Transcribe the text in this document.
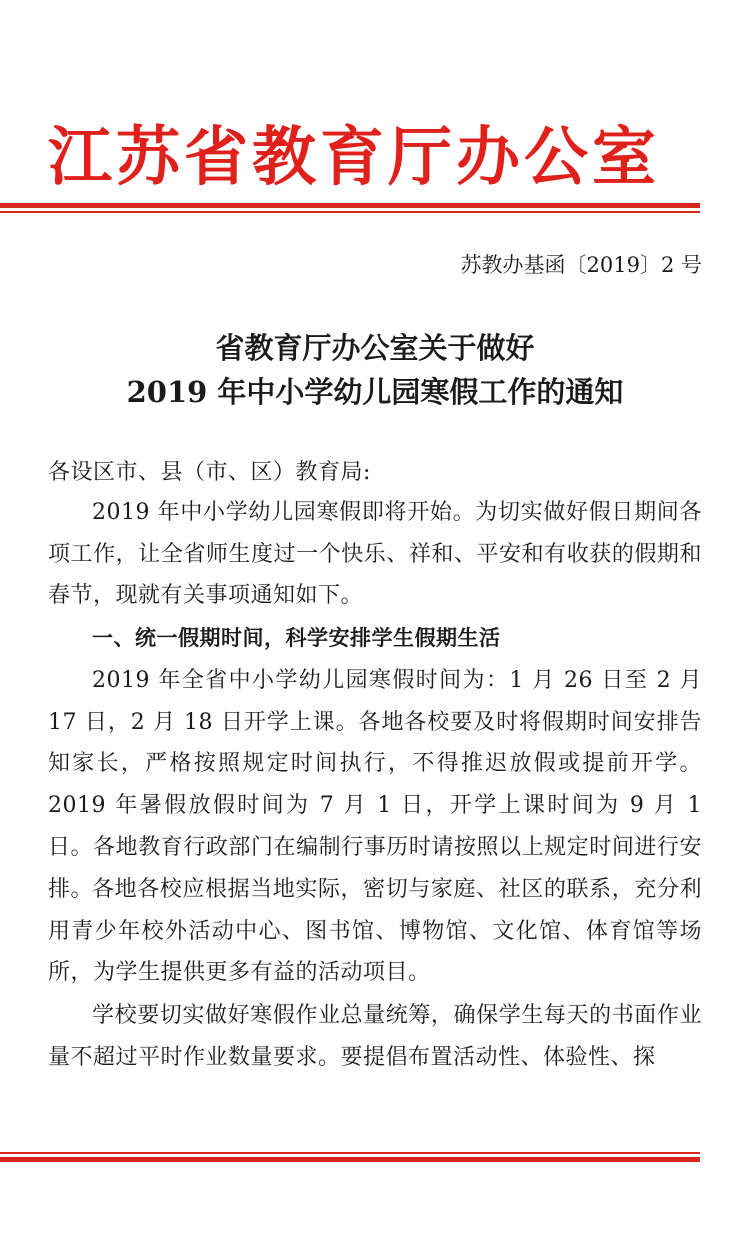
江苏省教育厅办公室
苏教办基函〔2019〕2 号
省教育厅办公室关于做好
2019 年中小学幼儿园寒假工作的通知
各设区市、县（市、区）教育局:
2019 年中小学幼儿园寒假即将开始。为切实做好假日期间各项工作，让全省师生度过一个快乐、祥和、平安和有收获的假期和春节，现就有关事项通知如下。
一、统一假期时间，科学安排学生假期生活
2019 年全省中小学幼儿园寒假时间为：1 月 26 日至 2 月 17 日，2 月 18 日开学上课。各地各校要及时将假期时间安排告知家长，严格按照规定时间执行，不得推迟放假或提前开学。2019 年暑假放假时间为 7 月 1 日，开学上课时间为 9 月 1 日。各地教育行政部门在编制行事历时请按照以上规定时间进行安排。
各地各校应根据当地实际，密切与家庭、社区的联系，充分利用青少年校外活动中心、图书馆、博物馆、文化馆、体育馆等场所，为学生提供更多有益的活动项目。
学校要切实做好寒假作业总量统筹，确保学生每天的书面作业量不超过平时作业数量要求。要提倡布置活动性、体验性、探
